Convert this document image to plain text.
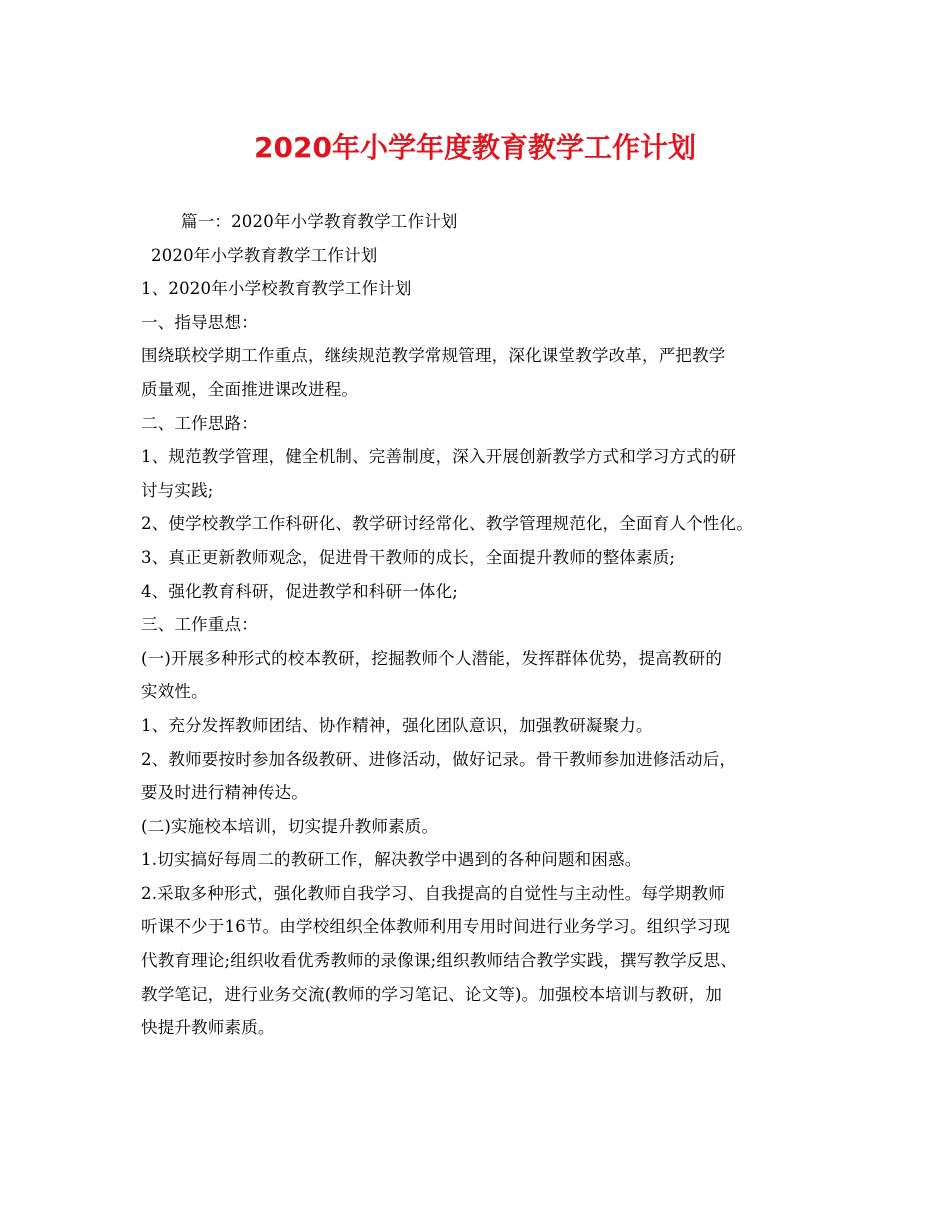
2020年小学年度教育教学工作计划
篇一：2020年小学教育教学工作计划
2020年小学教育教学工作计划
1、2020年小学校教育教学工作计划
一、指导思想：
围绕联校学期工作重点，继续规范教学常规管理，深化课堂教学改革，严把教学
质量观，全面推进课改进程。
二、工作思路：
1、规范教学管理，健全机制、完善制度，深入开展创新教学方式和学习方式的研
讨与实践;
2、使学校教学工作科研化、教学研讨经常化、教学管理规范化，全面育人个性化。
3、真正更新教师观念，促进骨干教师的成长，全面提升教师的整体素质;
4、强化教育科研，促进教学和科研一体化;
三、工作重点：
(一)开展多种形式的校本教研，挖掘教师个人潜能，发挥群体优势，提高教研的
实效性。
1、充分发挥教师团结、协作精神，强化团队意识，加强教研凝聚力。
2、教师要按时参加各级教研、进修活动，做好记录。骨干教师参加进修活动后，
要及时进行精神传达。
(二)实施校本培训，切实提升教师素质。
1.切实搞好每周二的教研工作，解决教学中遇到的各种问题和困惑。
2.采取多种形式，强化教师自我学习、自我提高的自觉性与主动性。每学期教师
听课不少于16节。由学校组织全体教师利用专用时间进行业务学习。组织学习现
代教育理论;组织收看优秀教师的录像课;组织教师结合教学实践，撰写教学反思、
教学笔记，进行业务交流(教师的学习笔记、论文等)。加强校本培训与教研，加
快提升教师素质。
